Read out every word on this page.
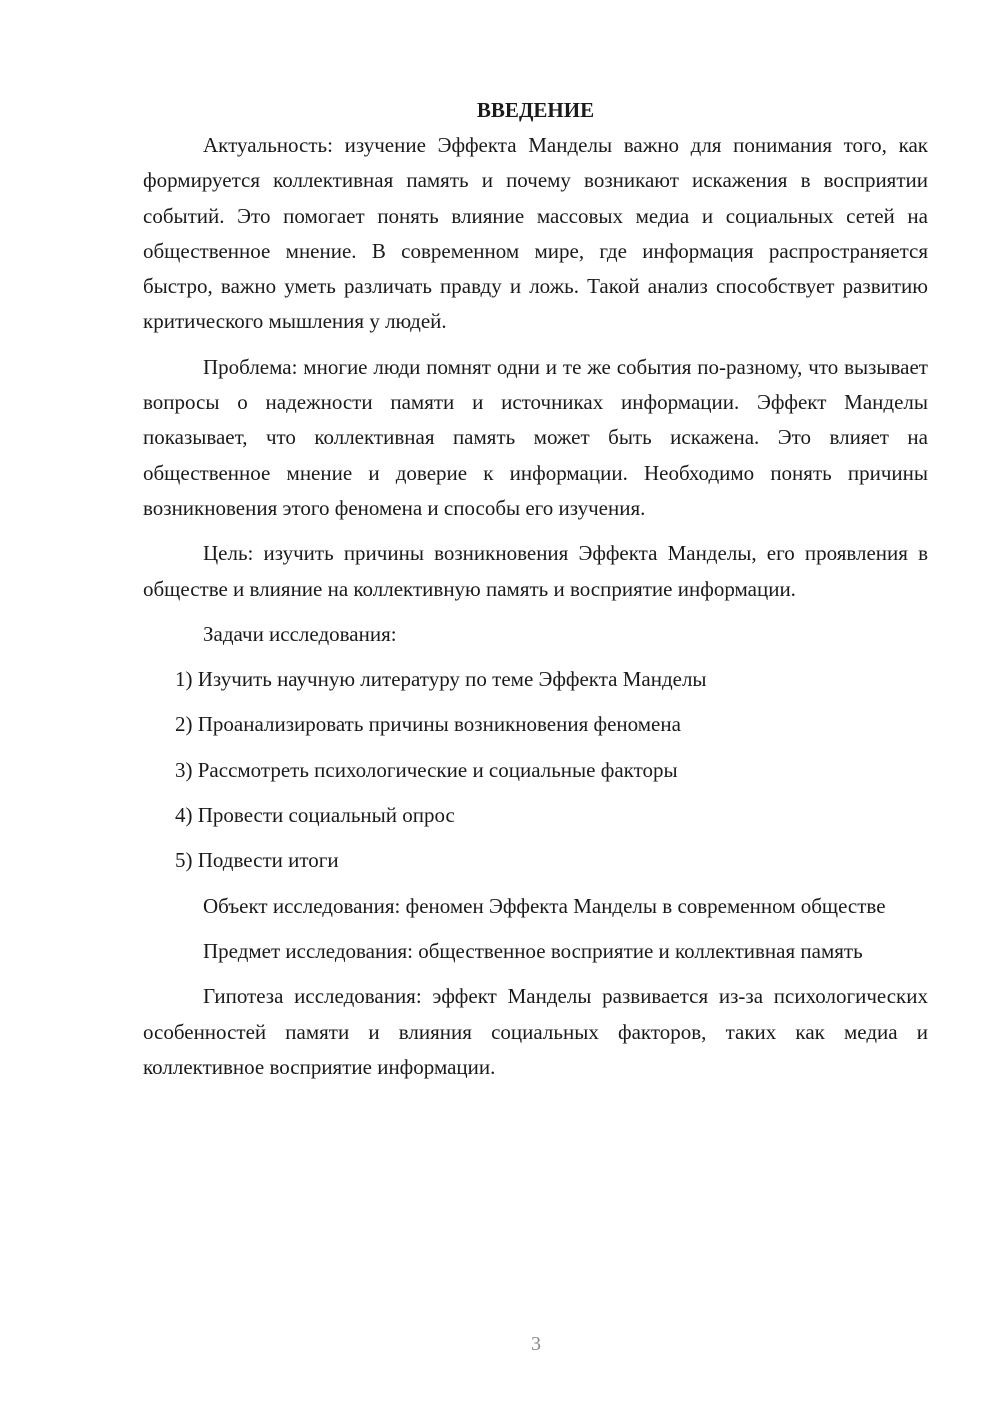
ВВЕДЕНИЕ

Актуальность: изучение Эффекта Манделы важно для понимания того, как формируется коллективная память и почему возникают искажения в восприятии событий. Это помогает понять влияние массовых медиа и социальных сетей на общественное мнение. В современном мире, где информация распространяется быстро, важно уметь различать правду и ложь. Такой анализ способствует развитию критического мышления у людей.

Проблема: многие люди помнят одни и те же события по-разному, что вызывает вопросы о надежности памяти и источниках информации. Эффект Манделы показывает, что коллективная память может быть искажена. Это влияет на общественное мнение и доверие к информации. Необходимо понять причины возникновения этого феномена и способы его изучения.

Цель: изучить причины возникновения Эффекта Манделы, его проявления в обществе и влияние на коллективную память и восприятие информации.

Задачи исследования:

1) Изучить научную литературу по теме Эффекта Манделы
2) Проанализировать причины возникновения феномена
3) Рассмотреть психологические и социальные факторы
4) Провести социальный опрос
5) Подвести итоги

Объект исследования: феномен Эффекта Манделы в современном обществе

Предмет исследования: общественное восприятие и коллективная память

Гипотеза исследования: эффект Манделы развивается из-за психологических особенностей памяти и влияния социальных факторов, таких как медиа и коллективное восприятие информации.

3
